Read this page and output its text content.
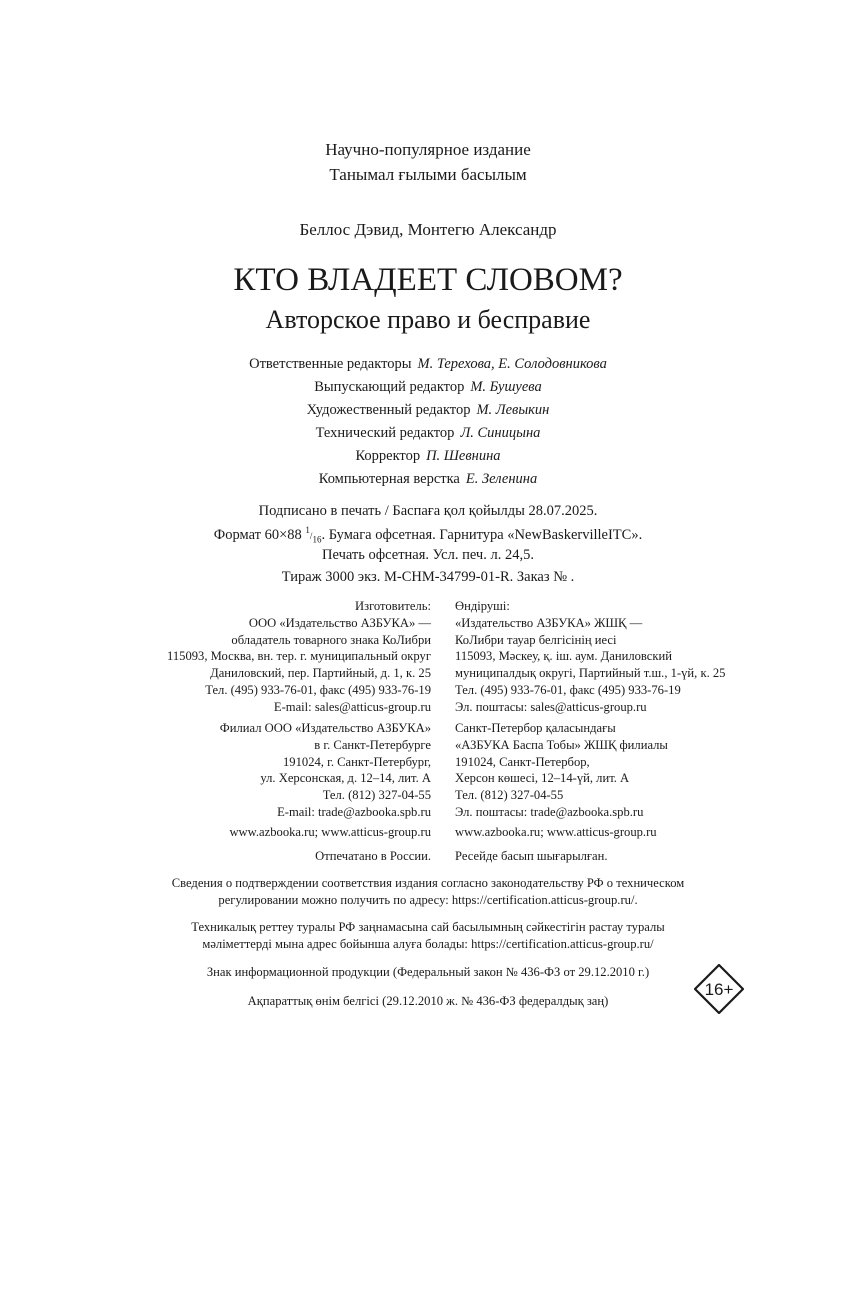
Научно-популярное издание
Танымал ғылыми басылым
Беллос Дэвид, Монтегю Александр
КТО ВЛАДЕЕТ СЛОВОМ?
Авторское право и бесправие
Ответственные редакторы М. Терехова, Е. Солодовникова
Выпускающий редактор М. Бушуева
Художественный редактор М. Левыкин
Технический редактор Л. Синицына
Корректор П. Шевнина
Компьютерная верстка Е. Зеленина
Подписано в печать / Баспаға қол қойылды 28.07.2025.
Формат 60×88 $^1/_{16}$. Бумага офсетная. Гарнитура «NewBaskervilleITC».
Печать офсетная. Усл. печ. л. 24,5.
Тираж 3000 экз. М-СНМ-34799-01-R. Заказ № .
Изготовитель:
ООО «Издательство АЗБУКА» —
обладатель товарного знака КоЛибри
115093, Москва, вн. тер. г. муниципальный округ
Даниловский, пер. Партийный, д. 1, к. 25
Тел. (495) 933-76-01, факс (495) 933-76-19
E-mail: sales@atticus-group.ru
Өндіруші:
«Издательство АЗБУКА» ЖШҚ —
КоЛибри тауар белгісінің иесі
115093, Мәскеу, қ. іш. аум. Даниловский
муниципалдық округі, Партийный т.ш., 1-үй, к. 25
Тел. (495) 933-76-01, факс (495) 933-76-19
Эл. поштасы: sales@atticus-group.ru
Филиал ООО «Издательство АЗБУКА»
в г. Санкт-Петербурге
191024, г. Санкт-Петербург,
ул. Херсонская, д. 12–14, лит. А
Тел. (812) 327-04-55
E-mail: trade@azbooka.spb.ru
Санкт-Петербор қаласындағы
«АЗБУКА Баспа Тобы» ЖШҚ филиалы
191024, Санкт-Петербор,
Херсон көшесі, 12–14-үй, лит. А
Тел. (812) 327-04-55
Эл. поштасы: trade@azbooka.spb.ru
www.azbooka.ru; www.atticus-group.ru www.azbooka.ru; www.atticus-group.ru
Отпечатано в России. Ресейде басып шығарылған.
Сведения о подтверждении соответствия издания согласно законодательству РФ о техническом
регулировании можно получить по адресу: https://certification.atticus-group.ru/.
Техникалық реттеу туралы РФ заңнамасына сай басылымның сәйкестігін растау туралы
мәліметтерді мына адрес бойынша алуға болады: https://certification.atticus-group.ru/
Знак информационной продукции (Федеральный закон № 436-ФЗ от 29.12.2010 г.)
Ақпараттық өнім белгісі (29.12.2010 ж. № 436-ФЗ федералдық заң)
16+
